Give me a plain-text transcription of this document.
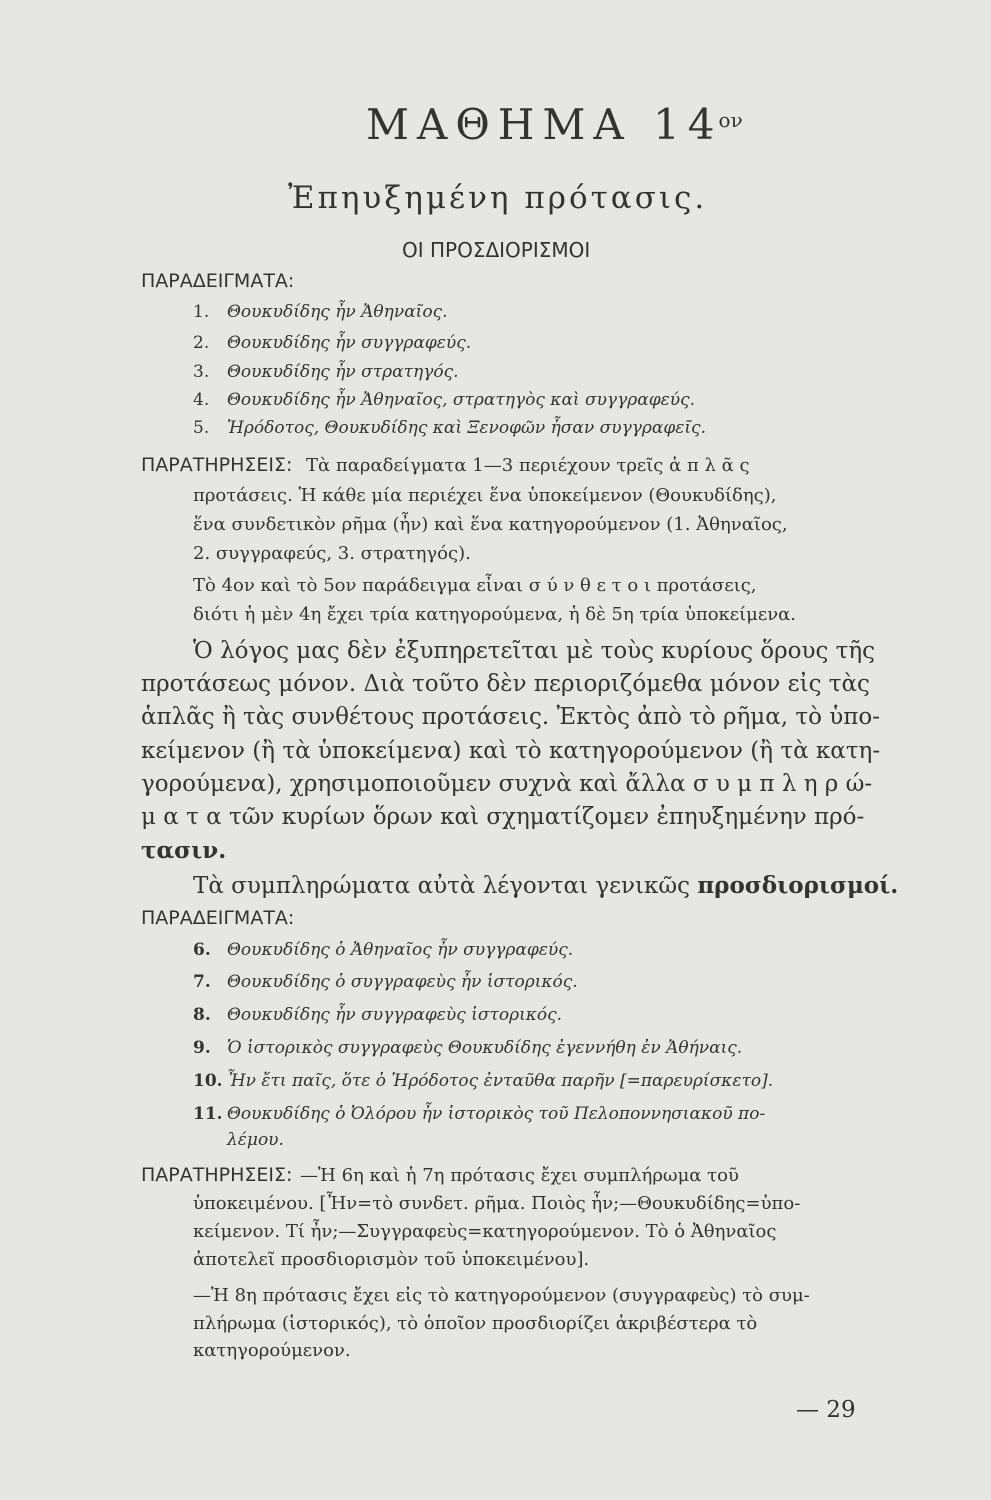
ΜΑΘΗΜΑ $14^{o\nu}$
Ἐπηυξημένη πρότασις.
ΟΙ ΠΡΟΣΔΙΟΡΙΣΜΟΙ
ΠΑΡΑΔΕΙΓΜΑΤΑ:
1. Θουκυδίδης ἦν Ἀθηναῖος.
2. Θουκυδίδης ἦν συγγραφεύς.
3. Θουκυδίδης ἦν στρατηγός.
4. Θουκυδίδης ἦν Ἀθηναῖος, στρατηγὸς καὶ συγγραφεύς.
5. Ἡρόδοτος, Θουκυδίδης καὶ Ξενοφῶν ἦσαν συγγραφεῖς.
ΠΑΡΑΤΗΡΗΣΕΙΣ: Τὰ παραδείγματα 1—3 περιέχουν τρεῖς ἁ π λ ᾶ ς
προτάσεις. Ἡ κάθε μία περιέχει ἕνα ὑποκείμενον (Θουκυδίδης),
ἕνα συνδετικὸν ρῆμα (ἦν) καὶ ἕνα κατηγορούμενον (1. Ἀθηναῖος,
2. συγγραφεύς, 3. στρατηγός).
Τὸ 4ον καὶ τὸ 5ον παράδειγμα εἶναι σ ύ ν θ ε τ ο ι προτάσεις,
διότι ἡ μὲν 4η ἔχει τρία κατηγορούμενα, ἡ δὲ 5η τρία ὑποκείμενα.
Ὁ λόγος μας δὲν ἐξυπηρετεῖται μὲ τοὺς κυρίους ὅρους τῆς
προτάσεως μόνον. Διὰ τοῦτο δὲν περιοριζόμεθα μόνον εἰς τὰς
ἁπλᾶς ἢ τὰς συνθέτους προτάσεις. Ἐκτὸς ἀπὸ τὸ ρῆμα, τὸ ὑπο-
κείμενον (ἢ τὰ ὑποκείμενα) καὶ τὸ κατηγορούμενον (ἢ τὰ κατη-
γορούμενα), χρησιμοποιοῦμεν συχνὰ καὶ ἄλλα σ υ μ π λ η ρ ώ-
μ α τ α τῶν κυρίων ὅρων καὶ σχηματίζομεν ἐπηυξημένην πρό-
τασιν.
Τὰ συμπληρώματα αὐτὰ λέγονται γενικῶς προσδιορισμοί.
ΠΑΡΑΔΕΙΓΜΑΤΑ:
6. Θουκυδίδης ὁ Ἀθηναῖος ἦν συγγραφεύς.
7. Θουκυδίδης ὁ συγγραφεὺς ἦν ἱστορικός.
8. Θουκυδίδης ἦν συγγραφεὺς ἱστορικός.
9. Ὁ ἱστορικὸς συγγραφεὺς Θουκυδίδης ἐγεννήθη ἐν Ἀθήναις.
10. Ἦν ἔτι παῖς, ὅτε ὁ Ἡρόδοτος ἐνταῦθα παρῆν [=παρευρίσκετο].
11. Θουκυδίδης ὁ Ὀλόρου ἦν ἱστορικὸς τοῦ Πελοποννησιακοῦ πο-
λέμου.
ΠΑΡΑΤΗΡΗΣΕΙΣ: —Ἡ 6η καὶ ἡ 7η πρότασις ἔχει συμπλήρωμα τοῦ
ὑποκειμένου. [Ἦν=τὸ συνδετ. ρῆμα. Ποιὸς ἦν;—Θουκυδίδης=ὑπο-
κείμενον. Τί ἦν;—Συγγραφεὺς=κατηγορούμενον. Τὸ ὁ Ἀθηναῖος
ἀποτελεῖ προσδιορισμὸν τοῦ ὑποκειμένου].
—Ἡ 8η πρότασις ἔχει εἰς τὸ κατηγορούμενον (συγγραφεὺς) τὸ συμ-
πλήρωμα (ἱστορικός), τὸ ὁποῖον προσδιορίζει ἀκριβέστερα τὸ
κατηγορούμενον.
— 29
